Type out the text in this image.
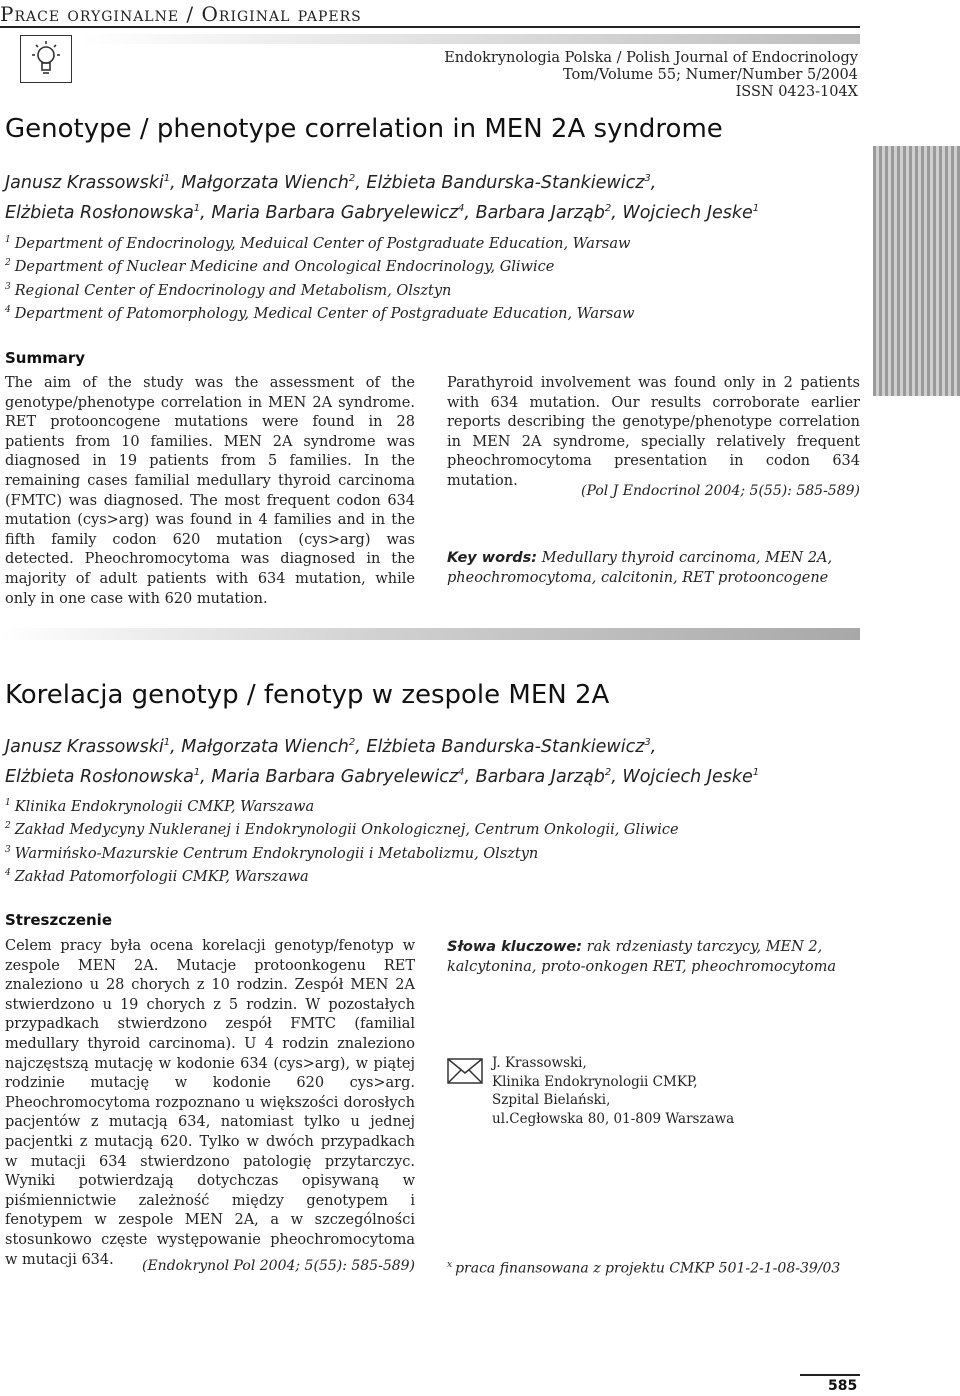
Prace oryginalne / Original papers
Endokrynologia Polska / Polish Journal of Endocrinology
Tom/Volume 55; Numer/Number 5/2004
ISSN 0423-104X
Genotype / phenotype correlation in MEN 2A syndrome
Janusz Krassowski$^1$, Małgorzata Wiench$^2$, Elżbieta Bandurska-Stankiewicz$^3$,
Elżbieta Rosłonowska$^1$, Maria Barbara Gabryelewicz$^4$, Barbara Jarząb$^2$, Wojciech Jeske$^1$
$^1$ Department of Endocrinology, Meduical Center of Postgraduate Education, Warsaw
$^2$ Department of Nuclear Medicine and Oncological Endocrinology, Gliwice
$^3$ Regional Center of Endocrinology and Metabolism, Olsztyn
$^4$ Department of Patomorphology, Medical Center of Postgraduate Education, Warsaw
Summary
The aim of the study was the assessment of the genotype/phenotype correlation in MEN 2A syndrome. RET protooncogene mutations were found in 28 patients from 10 families. MEN 2A syndrome was diagnosed in 19 patients from 5 families. In the remaining cases familial medullary thyroid carcinoma (FMTC) was diagnosed. The most frequent codon 634 mutation (cys>arg) was found in 4 families and in the fifth family codon 620 mutation (cys>arg) was detected. Pheochromocytoma was diagnosed in the majority of adult patients with 634 mutation, while only in one case with 620 mutation.
Parathyroid involvement was found only in 2 patients with 634 mutation. Our results corroborate earlier reports describing the genotype/phenotype correlation in MEN 2A syndrome, specially relatively frequent pheochromocytoma presentation in codon 634 mutation.
(Pol J Endocrinol 2004; 5(55): 585-589)
Key words: Medullary thyroid carcinoma, MEN 2A, pheochromocytoma, calcitonin, RET protooncogene
Korelacja genotyp / fenotyp w zespole MEN 2A
Janusz Krassowski$^1$, Małgorzata Wiench$^2$, Elżbieta Bandurska-Stankiewicz$^3$,
Elżbieta Rosłonowska$^1$, Maria Barbara Gabryelewicz$^4$, Barbara Jarząb$^2$, Wojciech Jeske$^1$
$^1$ Klinika Endokrynologii CMKP, Warszawa
$^2$ Zakład Medycyny Nukleranej i Endokrynologii Onkologicznej, Centrum Onkologii, Gliwice
$^3$ Warmińsko-Mazurskie Centrum Endokrynologii i Metabolizmu, Olsztyn
$^4$ Zakład Patomorfologii CMKP, Warszawa
Streszczenie
Celem pracy była ocena korelacji genotyp/fenotyp w zespole MEN 2A. Mutacje protoonkogenu RET znaleziono u 28 chorych z 10 rodzin. Zespół MEN 2A stwierdzono u 19 chorych z 5 rodzin. W pozostałych przypadkach stwierdzono zespół FMTC (familial medullary thyroid carcinoma). U 4 rodzin znaleziono najczęstszą mutację w kodonie 634 (cys>arg), w piątej rodzinie mutację w kodonie 620 cys>arg. Pheochromocytoma rozpoznano u większości dorosłych pacjentów z mutacją 634, natomiast tylko u jednej pacjentki z mutacją 620. Tylko w dwóch przypadkach w mutacji 634 stwierdzono patologię przytarczyc. Wyniki potwierdzają dotychczas opisywaną w piśmiennictwie zależność między genotypem i fenotypem w zespole MEN 2A, a w szczególności stosunkowo częste występowanie pheochromocytoma w mutacji 634.	(Endokrynol Pol 2004; 5(55): 585-589)
Słowa kluczowe: rak rdzeniasty tarczycy, MEN 2, kalcytonina, proto-onkogen RET, pheochromocytoma
J. Krassowski,
Klinika Endokrynologii CMKP,
Szpital Bielański,
ul.Cegłowska 80, 01-809 Warszawa
$^x$ praca finansowana z projektu CMKP 501-2-1-08-39/03
585
